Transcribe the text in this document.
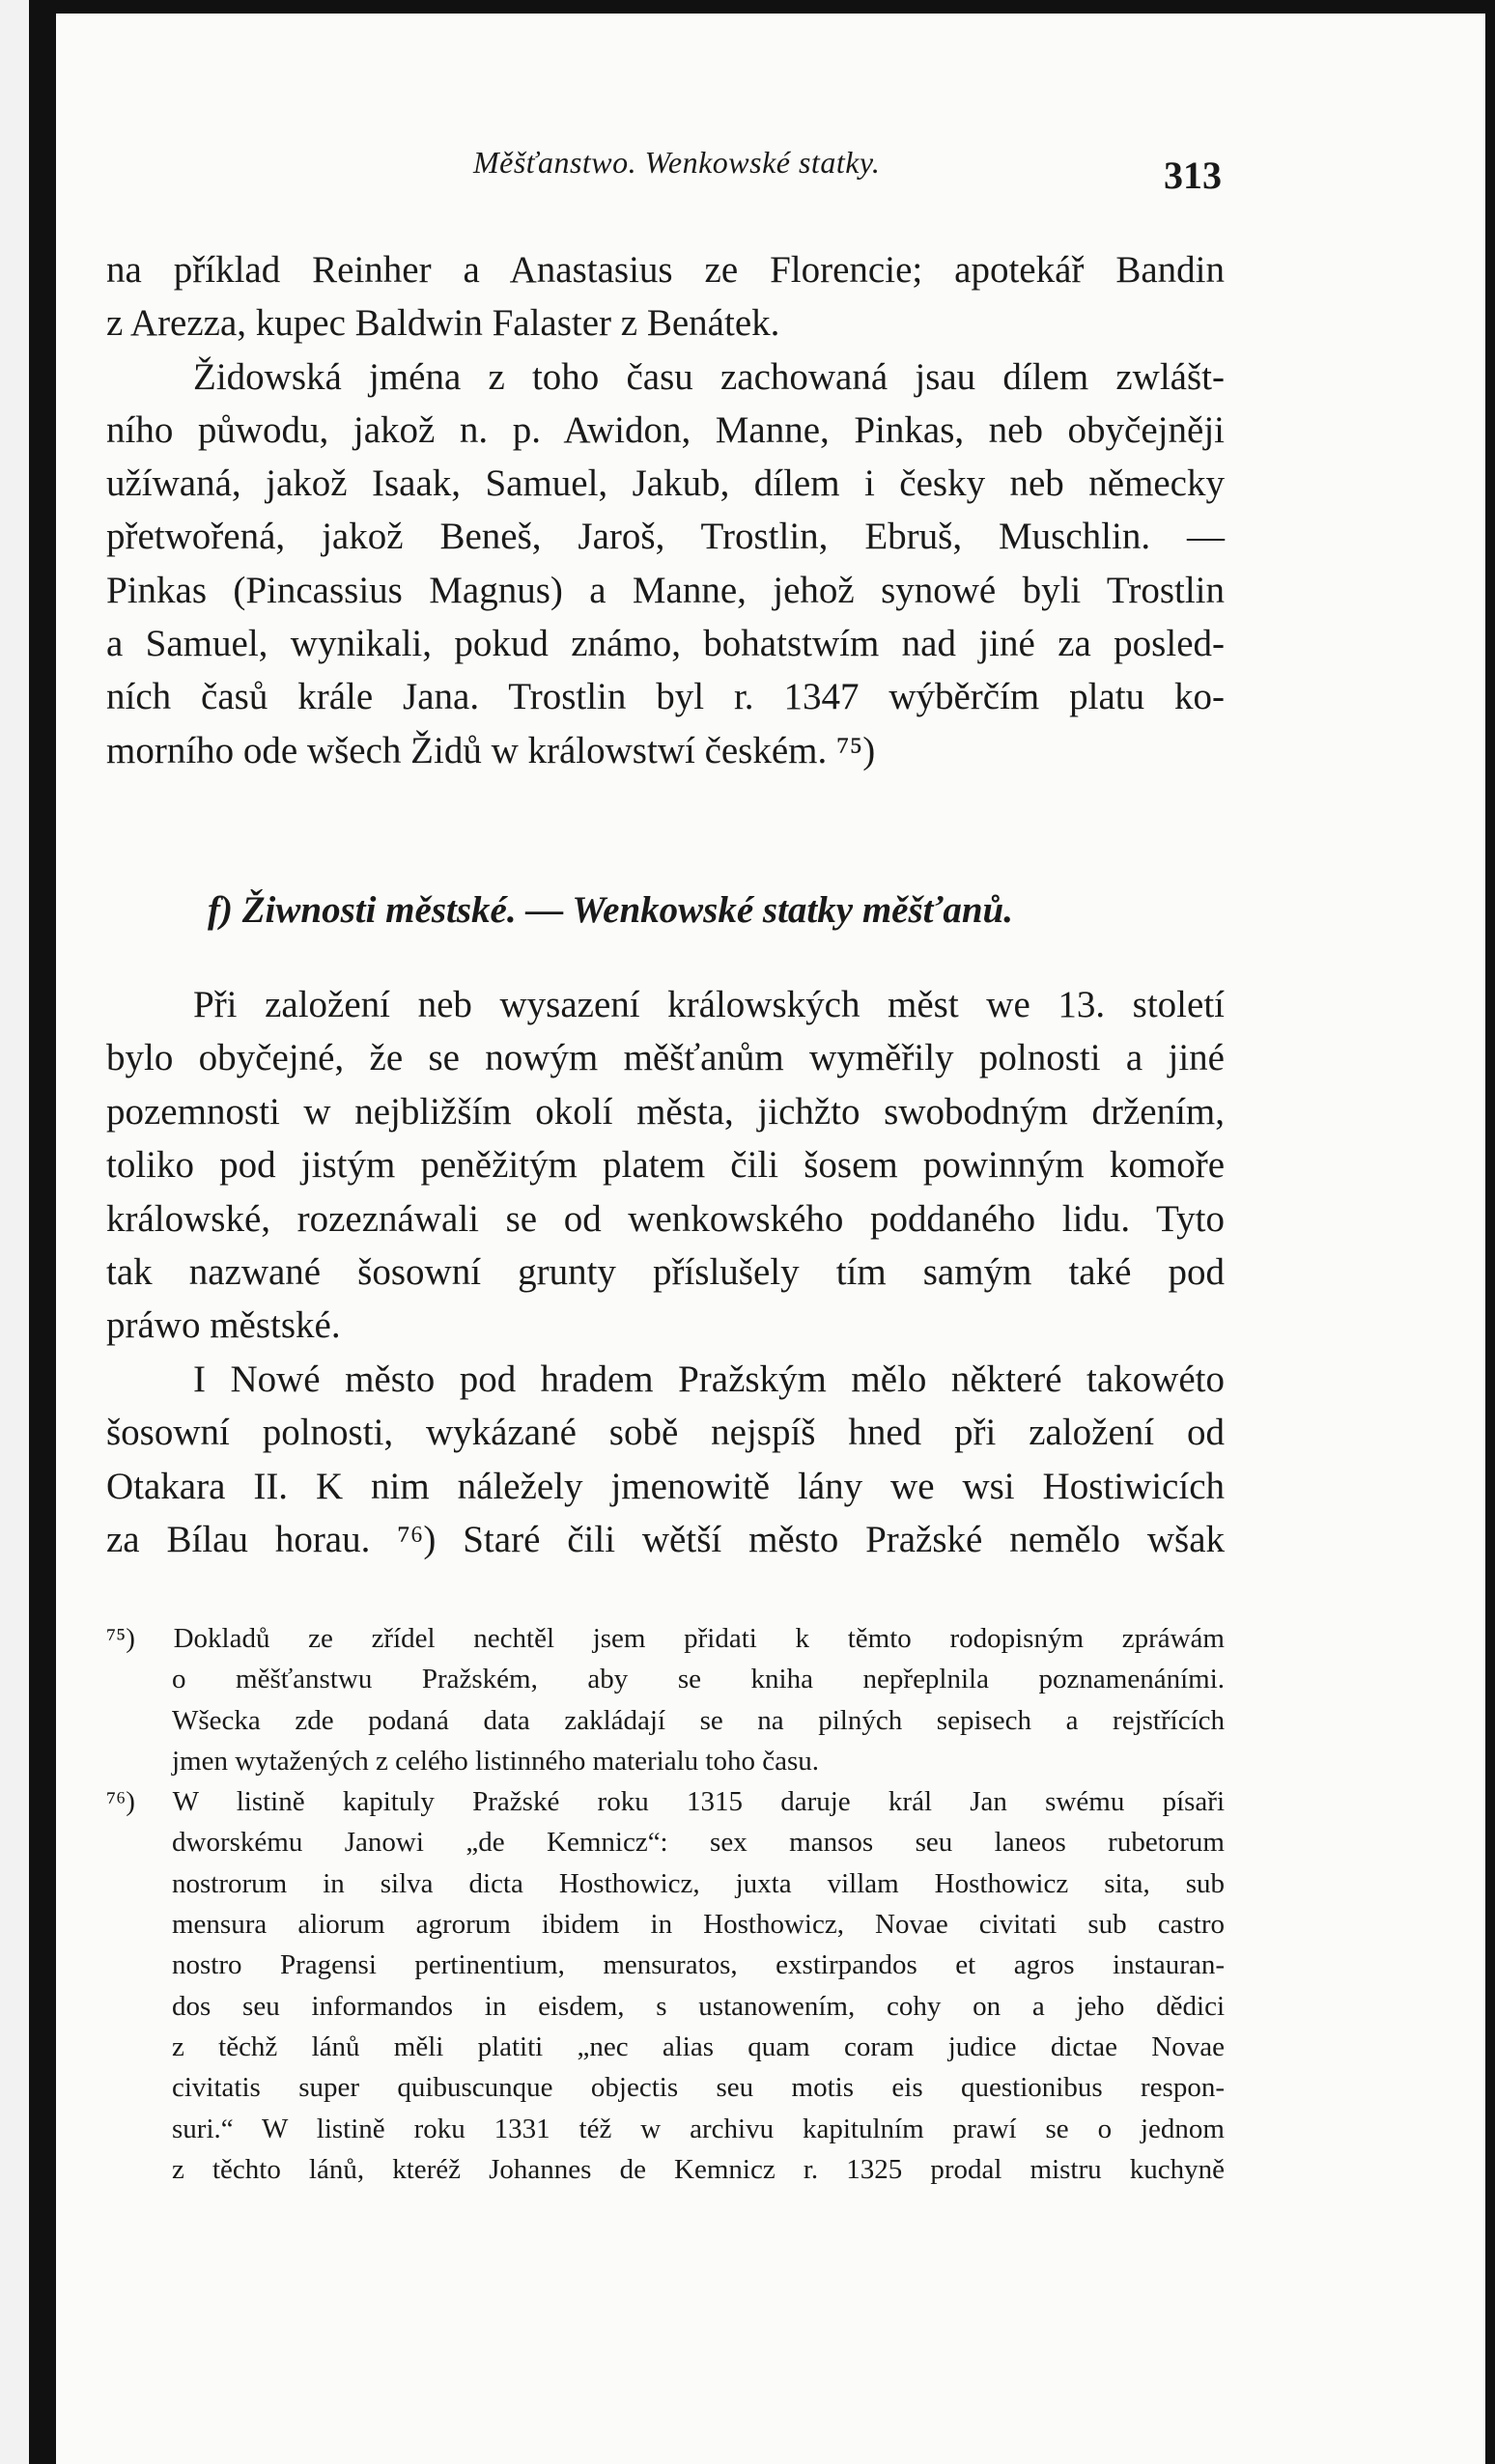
Měšťanstwo. Wenkowské statky.	313
na příklad Reinher a Anastasius ze Florencie; apotekář Bandin
z Arezza, kupec Baldwin Falaster z Benátek.
Židowská jména z toho času zachowaná jsau dílem zwlášt-
ního půwodu, jakož n. p. Awidon, Manne, Pinkas, neb obyčejněji
užíwaná, jakož Isaak, Samuel, Jakub, dílem i česky neb německy
přetwořená, jakož Beneš, Jaroš, Trostlin, Ebruš, Muschlin. —
Pinkas (Pincassius Magnus) a Manne, jehož synowé byli Trostlin
a Samuel, wynikali, pokud známo, bohatstwím nad jiné za posled-
ních časů krále Jana. Trostlin byl r. 1347 wýběrčím platu ko-
morního ode wšech Židů w králowstwí českém. ⁷⁵)
f) Žiwnosti městské. — Wenkowské statky měšťanů.
Při založení neb wysazení králowských měst we 13. století
bylo obyčejné, že se nowým měšťanům wyměřily polnosti a jiné
pozemnosti w nejbližším okolí města, jichžto swobodným držením,
toliko pod jistým peněžitým platem čili šosem powinným komoře
králowské, rozeznáwali se od wenkowského poddaného lidu. Tyto
tak nazwané šosowní grunty příslušely tím samým také pod
práwo městské.
I Nowé město pod hradem Pražským mělo některé takowéto
šosowní polnosti, wykázané sobě nejspíš hned při založení od
Otakara II. K nim náležely jmenowitě lány we wsi Hostiwicích
za Bílau horau. ⁷⁶) Staré čili wětší město Pražské nemělo wšak
⁷⁵) Dokladů ze zřídel nechtěl jsem přidati k těmto rodopisným zpráwám
o měšťanstwu Pražském, aby se kniha nepřeplnila poznamenáními.
Wšecka zde podaná data zakládají se na pilných sepisech a rejstřících
jmen wytažených z celého listinného materialu toho času.
⁷⁶) W listině kapituly Pražské roku 1315 daruje král Jan swému písaři
dworskému Janowi „de Kemnicz“: sex mansos seu laneos rubetorum
nostrorum in silva dicta Hosthowicz, juxta villam Hosthowicz sita, sub
mensura aliorum agrorum ibidem in Hosthowicz, Novae civitati sub castro
nostro Pragensi pertinentium, mensuratos, exstirpandos et agros instauran-
dos seu informandos in eisdem, s ustanowením, cohy on a jeho dědici
z těchž lánů měli platiti „nec alias quam coram judice dictae Novae
civitatis super quibuscunque objectis seu motis eis questionibus respon-
suri.“ W listině roku 1331 též w archivu kapitulním prawí se o jednom
z těchto lánů, kteréž Johannes de Kemnicz r. 1325 prodal mistru kuchyně
